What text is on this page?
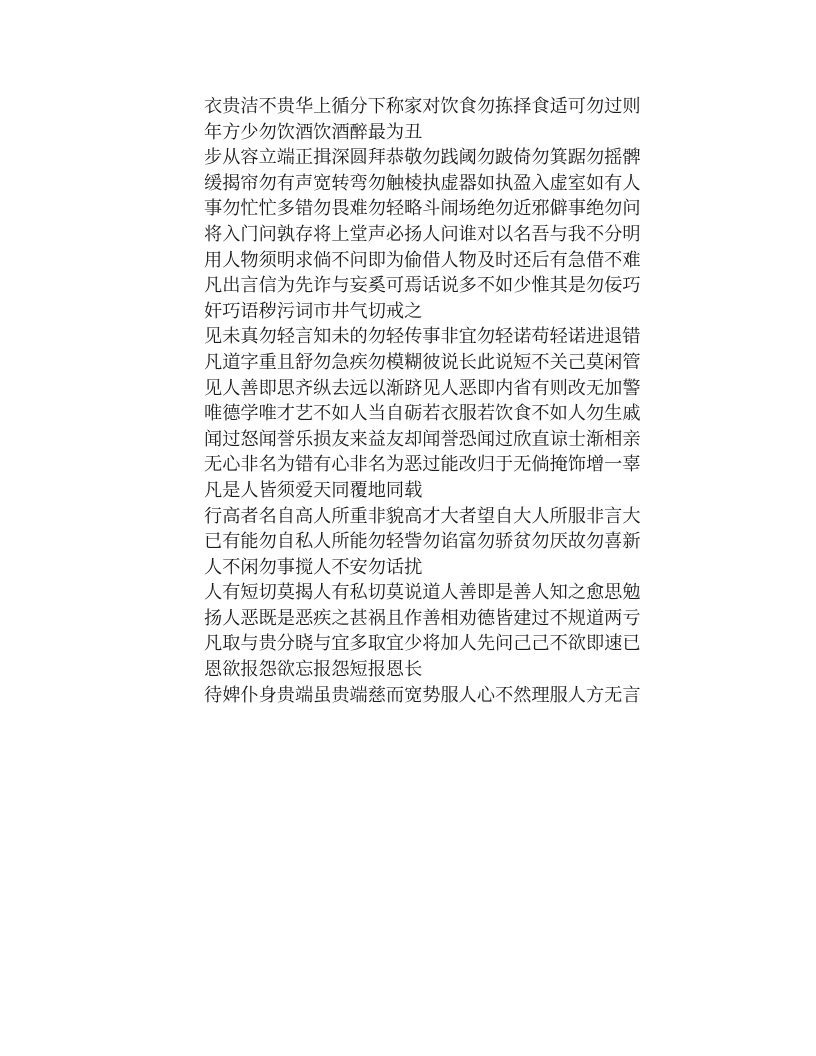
衣贵洁不贵华上循分下称家对饮食勿拣择食适可勿过则
年方少勿饮酒饮酒醉最为丑
步从容立端正揖深圆拜恭敬勿践阈勿跛倚勿箕踞勿摇髀
缓揭帘勿有声宽转弯勿触棱执虚器如执盈入虚室如有人
事勿忙忙多错勿畏难勿轻略斗闹场绝勿近邪僻事绝勿问
将入门问孰存将上堂声必扬人问谁对以名吾与我不分明
用人物须明求倘不问即为偷借人物及时还后有急借不难
凡出言信为先诈与妄奚可焉话说多不如少惟其是勿佞巧
奸巧语秽污词市井气切戒之
见未真勿轻言知未的勿轻传事非宜勿轻诺苟轻诺进退错
凡道字重且舒勿急疾勿模糊彼说长此说短不关己莫闲管
见人善即思齐纵去远以渐跻见人恶即内省有则改无加警
唯德学唯才艺不如人当自砺若衣服若饮食不如人勿生戚
闻过怒闻誉乐损友来益友却闻誉恐闻过欣直谅士渐相亲
无心非名为错有心非名为恶过能改归于无倘掩饰增一辜
凡是人皆须爱天同覆地同载
行高者名自高人所重非貌高才大者望自大人所服非言大
已有能勿自私人所能勿轻訾勿谄富勿骄贫勿厌故勿喜新
人不闲勿事搅人不安勿话扰
人有短切莫揭人有私切莫说道人善即是善人知之愈思勉
扬人恶既是恶疾之甚祸且作善相劝德皆建过不规道两亏
凡取与贵分晓与宜多取宜少将加人先问己己不欲即速已
恩欲报怨欲忘报怨短报恩长
待婢仆身贵端虽贵端慈而宽势服人心不然理服人方无言
